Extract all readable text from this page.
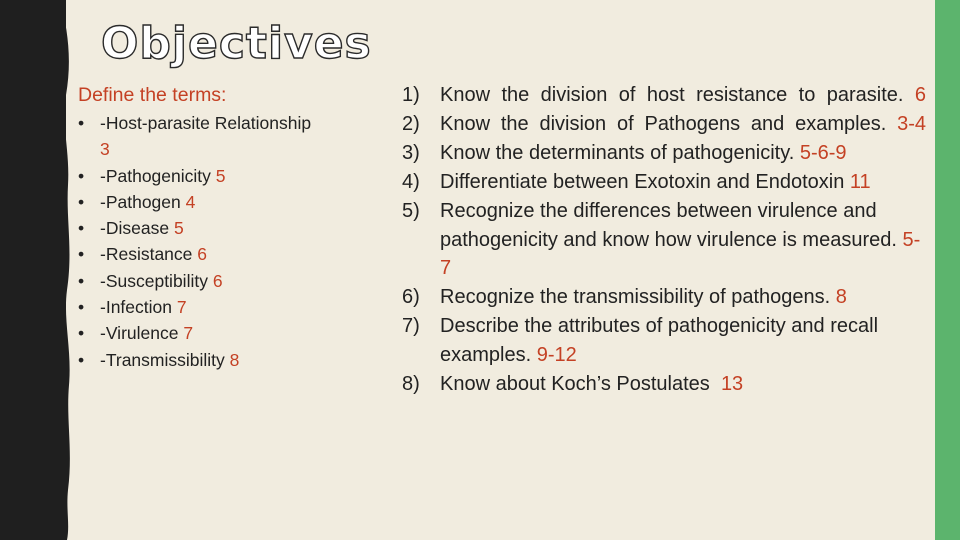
Objectives
Define the terms:
• -Host-parasite Relationship
3
• -Pathogenicity 5
• -Pathogen 4
• -Disease 5
• -Resistance 6
• -Susceptibility 6
• -Infection 7
• -Virulence 7
• -Transmissibility 8
1) Know the division of host resistance to parasite. 6
2) Know the division of Pathogens and examples. 3-4
3) Know the determinants of pathogenicity. 5-6-9
4) Differentiate between Exotoxin and Endotoxin 11
5) Recognize the differences between virulence and pathogenicity and know how virulence is measured. 5-7
6) Recognize the transmissibility of pathogens. 8
7) Describe the attributes of pathogenicity and recall examples. 9-12
8) Know about Koch’s Postulates 13
